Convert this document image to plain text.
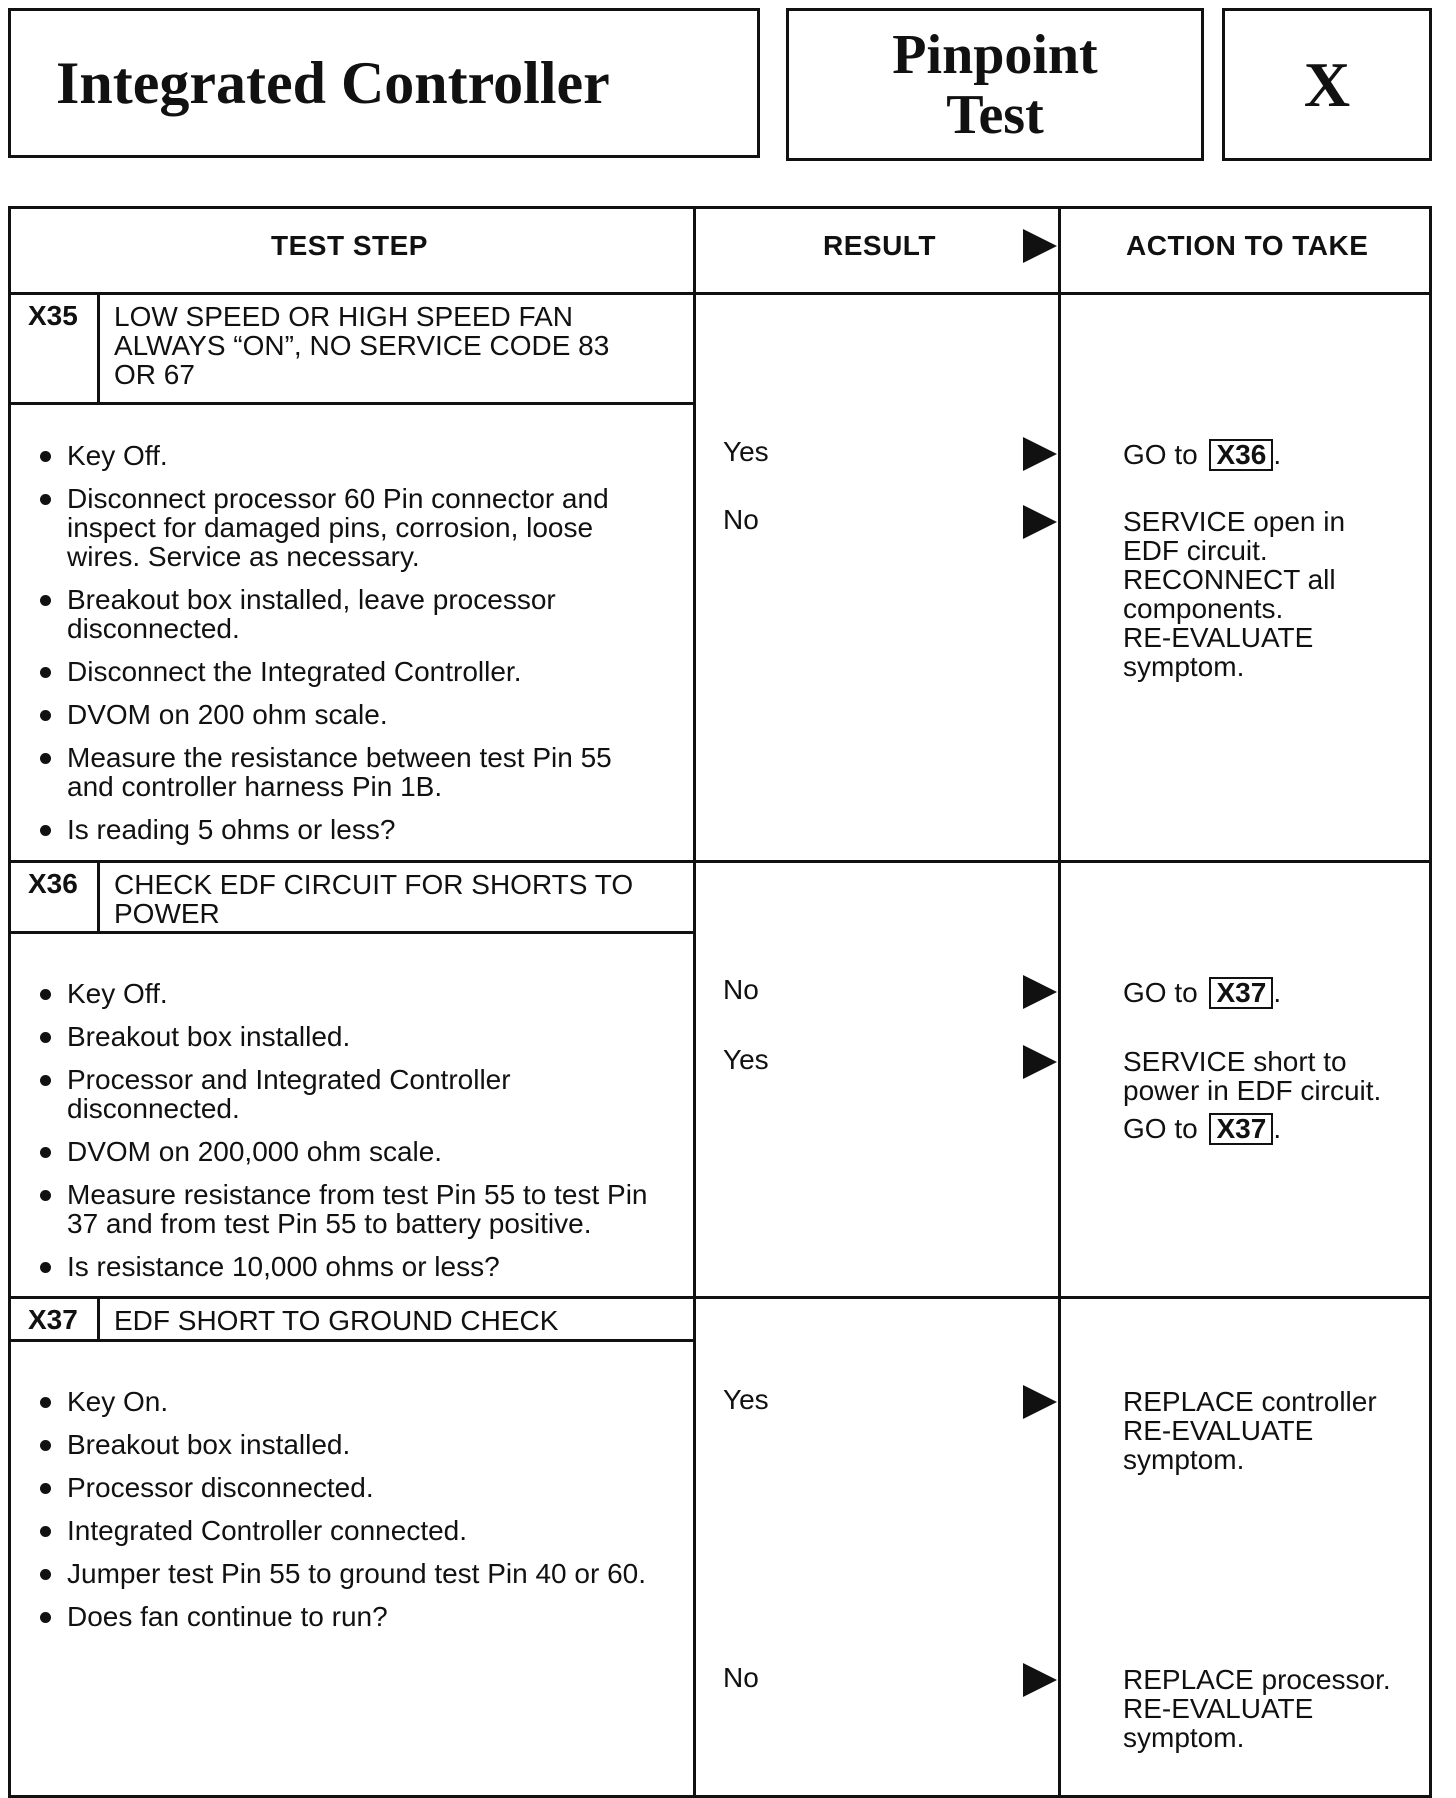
Integrated Controller	Pinpoint
Test	X
TEST STEP	RESULT	ACTION TO TAKE
X35 LOW SPEED OR HIGH SPEED FAN
ALWAYS “ON”, NO SERVICE CODE 83
OR 67
Key Off.
Disconnect processor 60 Pin connector and
inspect for damaged pins, corrosion, loose
wires. Service as necessary.
Breakout box installed, leave processor
disconnected.
Disconnect the Integrated Controller.
DVOM on 200 ohm scale.
Measure the resistance between test Pin 55
and controller harness Pin 1B.
Is reading 5 ohms or less?
Yes	GO to X36 .
No	SERVICE open in
EDF circuit.
RECONNECT all
components.
RE-EVALUATE
symptom.
X36 CHECK EDF CIRCUIT FOR SHORTS TO
POWER
Key Off.
Breakout box installed.
Processor and Integrated Controller
disconnected.
DVOM on 200,000 ohm scale.
Measure resistance from test Pin 55 to test Pin
37 and from test Pin 55 to battery positive.
Is resistance 10,000 ohms or less?
No	GO to X37 .
Yes	SERVICE short to
power in EDF circuit.
GO to X37 .
X37 EDF SHORT TO GROUND CHECK
Key On.
Breakout box installed.
Processor disconnected.
Integrated Controller connected.
Jumper test Pin 55 to ground test Pin 40 or 60.
Does fan continue to run?
Yes	REPLACE controller
RE-EVALUATE
symptom.
No	REPLACE processor.
RE-EVALUATE
symptom.
